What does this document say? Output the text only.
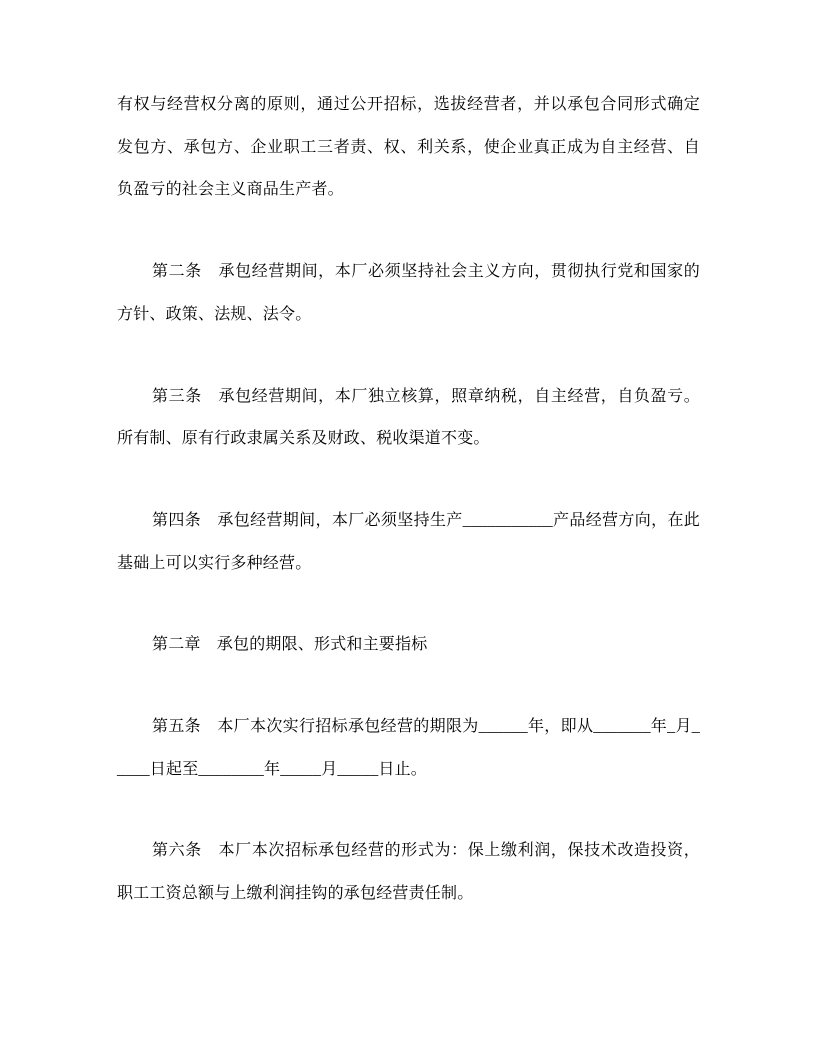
有权与经营权分离的原则，通过公开招标，选拔经营者，并以承包合同形式确定发包方、承包方、企业职工三者责、权、利关系，使企业真正成为自主经营、自负盈亏的社会主义商品生产者。

第二条　承包经营期间，本厂必须坚持社会主义方向，贯彻执行党和国家的方针、政策、法规、法令。

第三条　承包经营期间，本厂独立核算，照章纳税，自主经营，自负盈亏。所有制、原有行政隶属关系及财政、税收渠道不变。

第四条　承包经营期间，本厂必须坚持生产___________产品经营方向，在此基础上可以实行多种经营。

第二章　承包的期限、形式和主要指标

第五条　本厂本次实行招标承包经营的期限为______年，即从_______年_月_____日起至________年_____月_____日止。

第六条　本厂本次招标承包经营的形式为：保上缴利润，保技术改造投资，职工工资总额与上缴利润挂钩的承包经营责任制。
